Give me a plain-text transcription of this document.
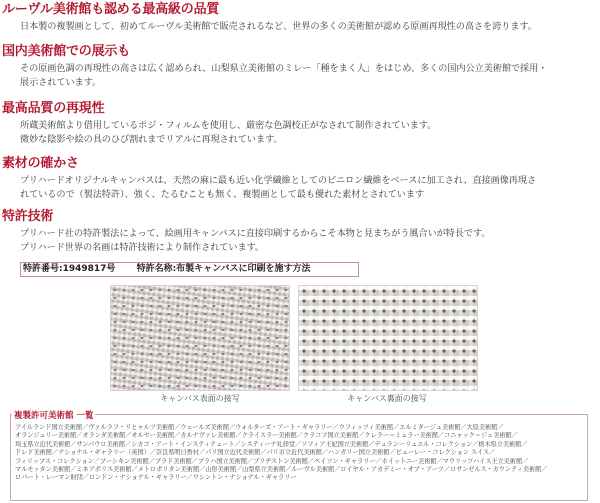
ルーヴル美術館も認める最高級の品質

日本製の複製画として、初めてルーヴル美術館で販売されるなど、世界の多くの美術館が認める原画再現性の高さを誇ります。

国内美術館での展示も

その原画色調の再現性の高さは広く認められ、山梨県立美術館のミレー「種をまく人」をはじめ、多くの国内公立美術館で採用・
展示されています。

最高品質の再現性

所蔵美術館より借用しているポジ・フィルムを使用し、厳密な色調校正がなされて制作されています。
微妙な陰影や絵の具のひび割れまでリアルに再現されています。

素材の確かさ

プリハードオリジナルキャンバスは、天然の麻に最も近い化学繊維としてのビニロン繊維をベースに加工され、直接画像再現さ
れているので（製法特許）、強く、たるむことも無く、複製画として最も優れた素材とされています

特許技術

プリハード社の特許製法によって、絵画用キャンバスに直接印刷するからこそ本物と見まちがう風合いが特長です。
プリハード世界の名画は特許技術により制作されています。

特許番号:1949817号 特許名称:布製キャンバスに印刷を施す方法
キャンバス表面の接写	キャンバス裏面の接写
アイルランド国立美術館／ヴァルラフ・リヒャルツ美術館／ウェールズ美術館／ウォルターズ・アート・ギャラリー／ウフィッツィ美術館／エルミタージュ美術館／大原美術館／
オランジュリー美術館／オランダ美術館／オルセー美術館／カルナヴァレ美術館／クライスラー美術館／クラコフ国立美術館／クレラー＝ミュラー美術館／コニャック＝ジェ美術館／
埼玉県立近代美術館／サンパウロ美術館／シカゴ・アート・インスティテュート／システィーナ礼拝堂／ソフィア王妃国立美術館／デュランーリュエル・コレクション／栃木県立美術館／
ドレド美術館／ナショナル・ギャラリー（英国）／奈良県明日香村／パリ国立近代美術館／パリ市立近代美術館／ハンガリー国立美術館／ビューレー・コレクション スイス／
フィリップス・コレクション／プーシキン美術館／ブラド美術館／ブラハ国立美術館／ブリヂストン美術館／ペイソン・ギャラリー／ホイットニー美術館／マウリッツハイス王立美術館／
マルモッタン美術館／ミネアポリス美術館／メトロポリタン美術館／山形美術館／山梨県立美術館／ルーヴル美術館／ロイヤル・アカデミー・オブ・アーツ／ロサンゼルス・カウンティ美術館／
ロバート・レーマン財団／ロンドン・ナショナル・ギャラリー／ワシントン・ナショナル・ギャラリー
複製許可美術館 一覧
